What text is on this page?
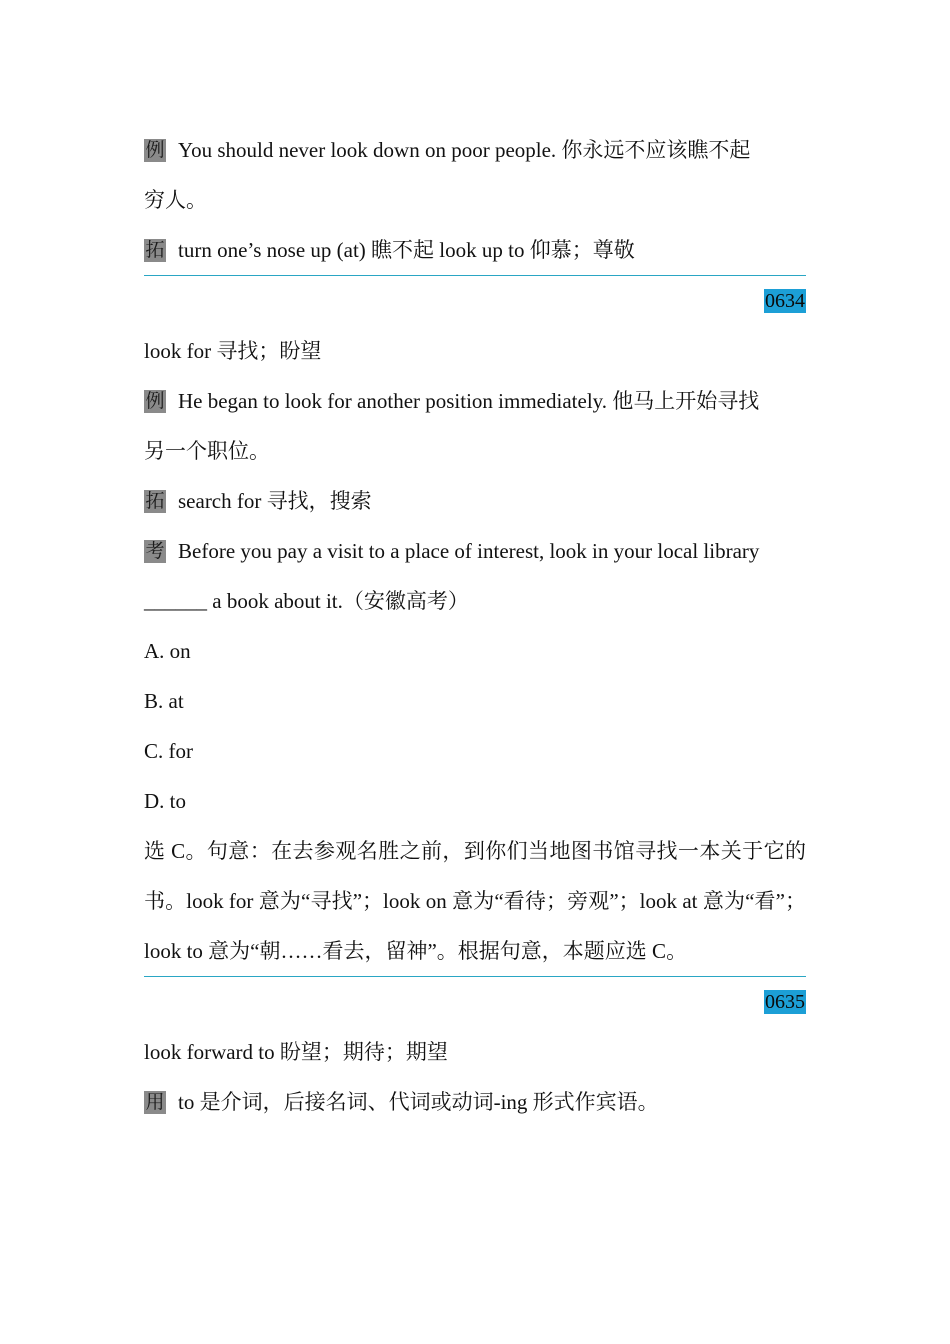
例 You should never look down on poor people. 你永远不应该瞧不起
穷人。
拓 turn one’s nose up (at) 瞧不起 look up to 仰慕；尊敬
0634
look for 寻找；盼望
例 He began to look for another position immediately. 他马上开始寻找
另一个职位。
拓 search for 寻找，搜索
考 Before you pay a visit to a place of interest, look in your local library
______ a book about it.（安徽高考）
A. on
B. at
C. for
D. to
选 C。句意：在去参观名胜之前，到你们当地图书馆寻找一本关于它的书。look for 意为“寻找”；look on 意为“看待；旁观”；look at 意为“看”；look to 意为“朝……看去，留神”。根据句意，本题应选 C。
0635
look forward to 盼望；期待；期望
用 to 是介词，后接名词、代词或动词-ing 形式作宾语。
